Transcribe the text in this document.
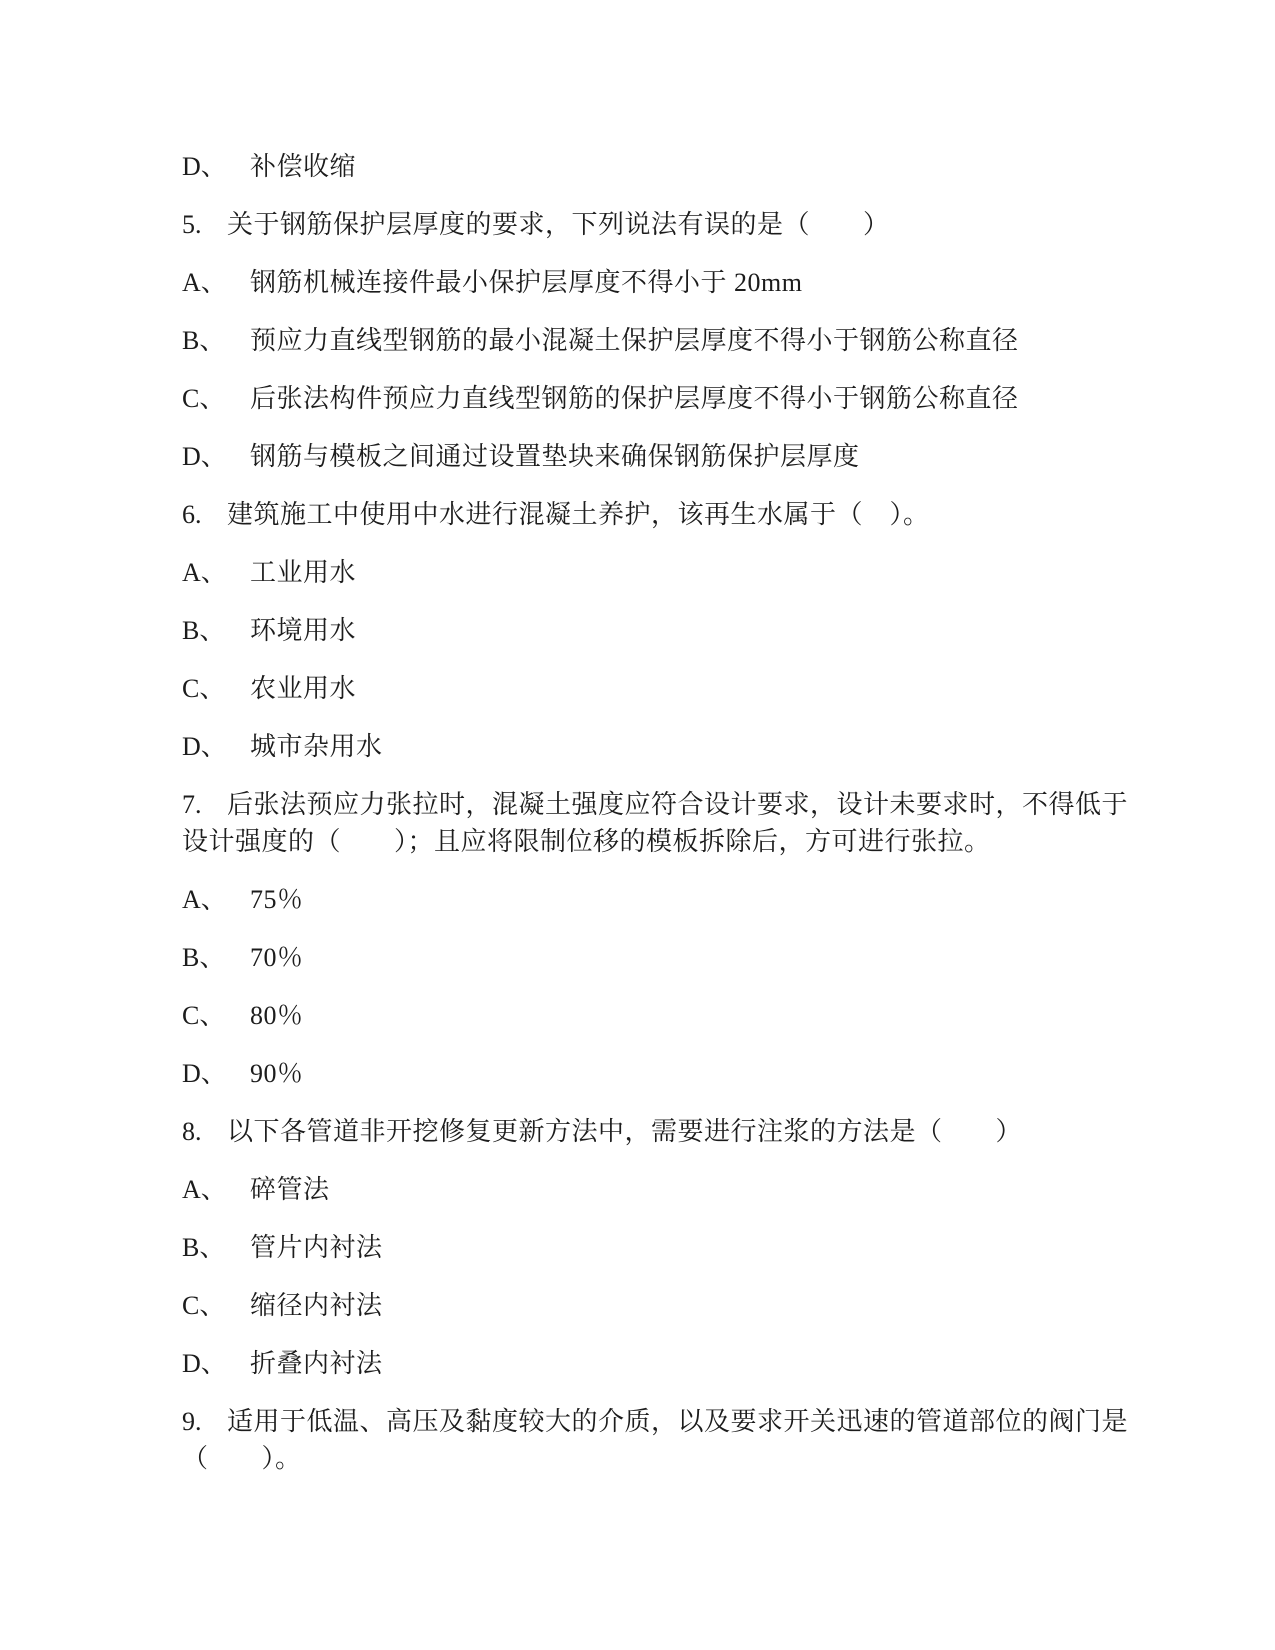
D、 补偿收缩
5. 关于钢筋保护层厚度的要求，下列说法有误的是（　　）
A、 钢筋机械连接件最小保护层厚度不得小于 20mm
B、 预应力直线型钢筋的最小混凝土保护层厚度不得小于钢筋公称直径
C、 后张法构件预应力直线型钢筋的保护层厚度不得小于钢筋公称直径
D、 钢筋与模板之间通过设置垫块来确保钢筋保护层厚度
6. 建筑施工中使用中水进行混凝土养护，该再生水属于（　）。
A、 工业用水
B、 环境用水
C、 农业用水
D、 城市杂用水
7. 后张法预应力张拉时，混凝土强度应符合设计要求，设计未要求时，不得低于
设计强度的（　　）；且应将限制位移的模板拆除后，方可进行张拉。
A、 75％
B、 70％
C、 80％
D、 90％
8. 以下各管道非开挖修复更新方法中，需要进行注浆的方法是（　　）
A、 碎管法
B、 管片内衬法
C、 缩径内衬法
D、 折叠内衬法
9. 适用于低温、高压及黏度较大的介质，以及要求开关迅速的管道部位的阀门是
（　　）。
